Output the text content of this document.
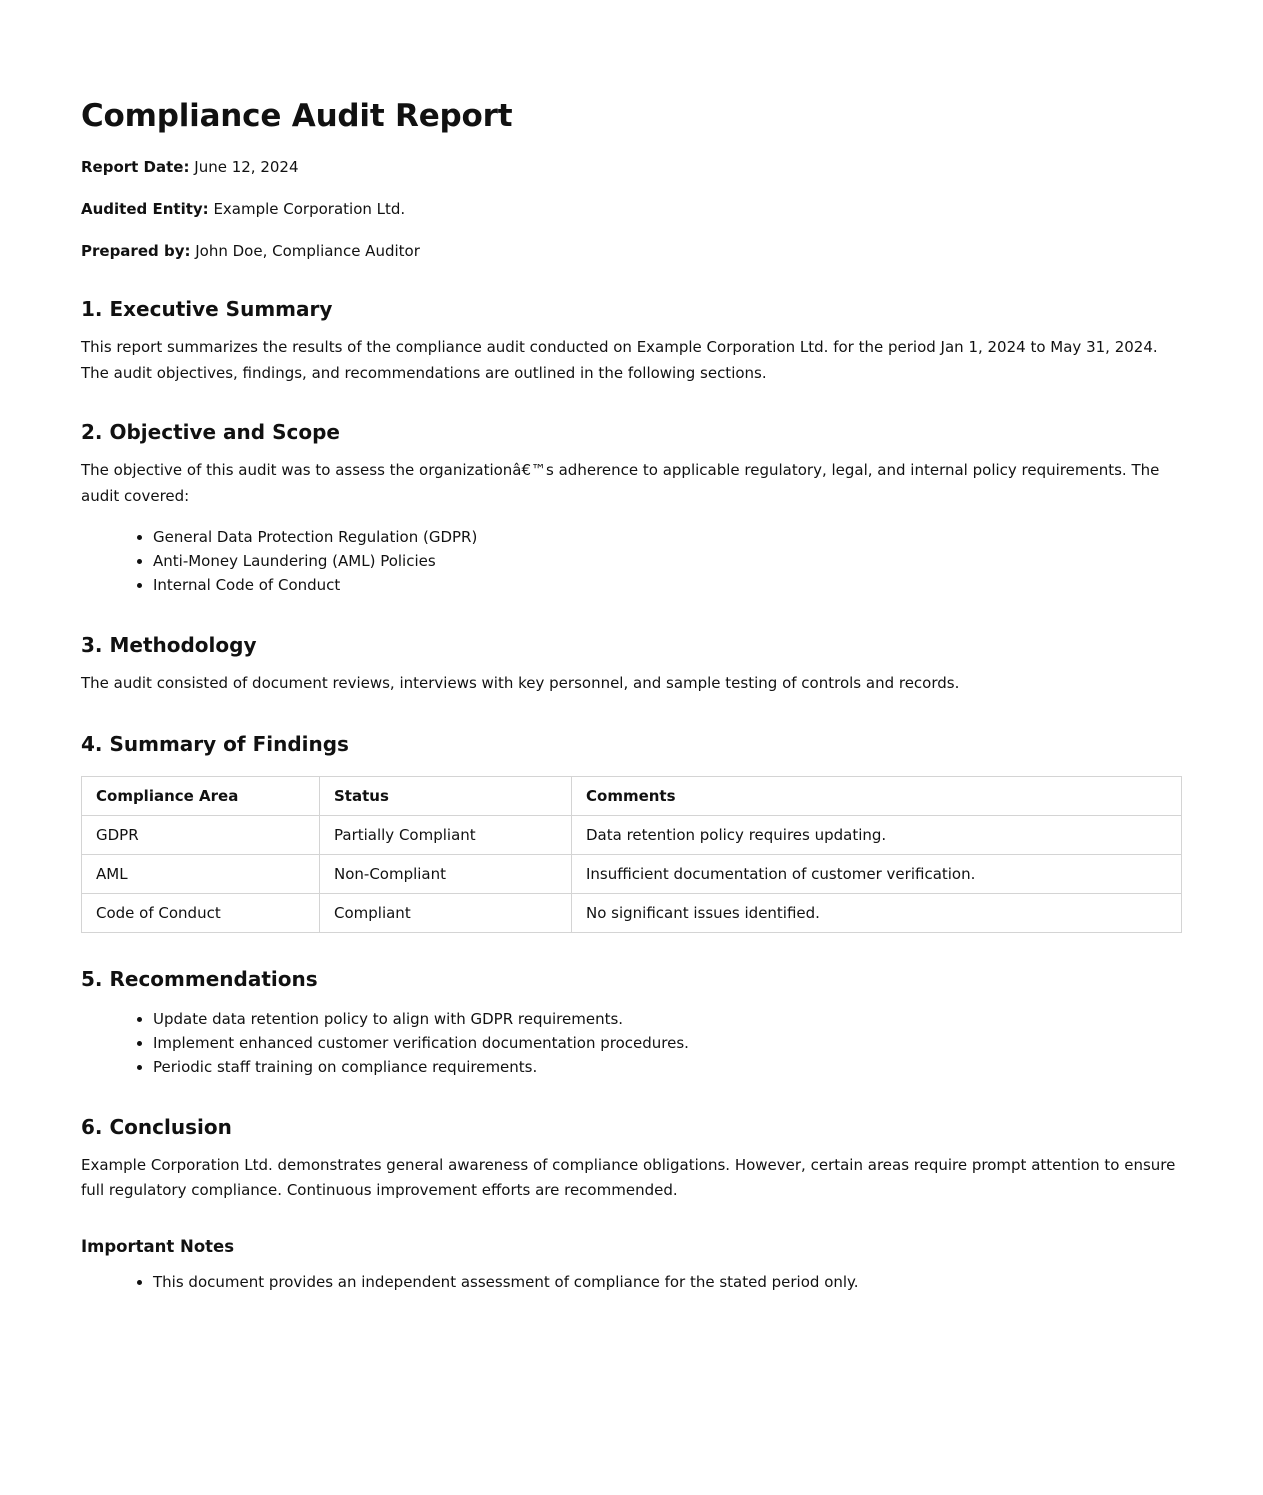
Compliance Audit Report

Report Date: June 12, 2024

Audited Entity: Example Corporation Ltd.

Prepared by: John Doe, Compliance Auditor

1. Executive Summary

This report summarizes the results of the compliance audit conducted on Example Corporation Ltd. for the period Jan 1, 2024 to May 31, 2024. The audit objectives, findings, and recommendations are outlined in the following sections.

2. Objective and Scope

The objective of this audit was to assess the organizationâ€™s adherence to applicable regulatory, legal, and internal policy requirements. The audit covered:

• General Data Protection Regulation (GDPR)
• Anti-Money Laundering (AML) Policies
• Internal Code of Conduct
3. Methodology

The audit consisted of document reviews, interviews with key personnel, and sample testing of controls and records.

4. Summary of Findings
Compliance Area	Status	Comments
GDPR	Partially Compliant	Data retention policy requires updating.
AML	Non-Compliant	Insufficient documentation of customer verification.
Code of Conduct	Compliant	No significant issues identified.
5. Recommendations
• Update data retention policy to align with GDPR requirements.
• Implement enhanced customer verification documentation procedures.
• Periodic staff training on compliance requirements.
6. Conclusion

Example Corporation Ltd. demonstrates general awareness of compliance obligations. However, certain areas require prompt attention to ensure full regulatory compliance. Continuous improvement efforts are recommended.

Important Notes
• This document provides an independent assessment of compliance for the stated period only.
